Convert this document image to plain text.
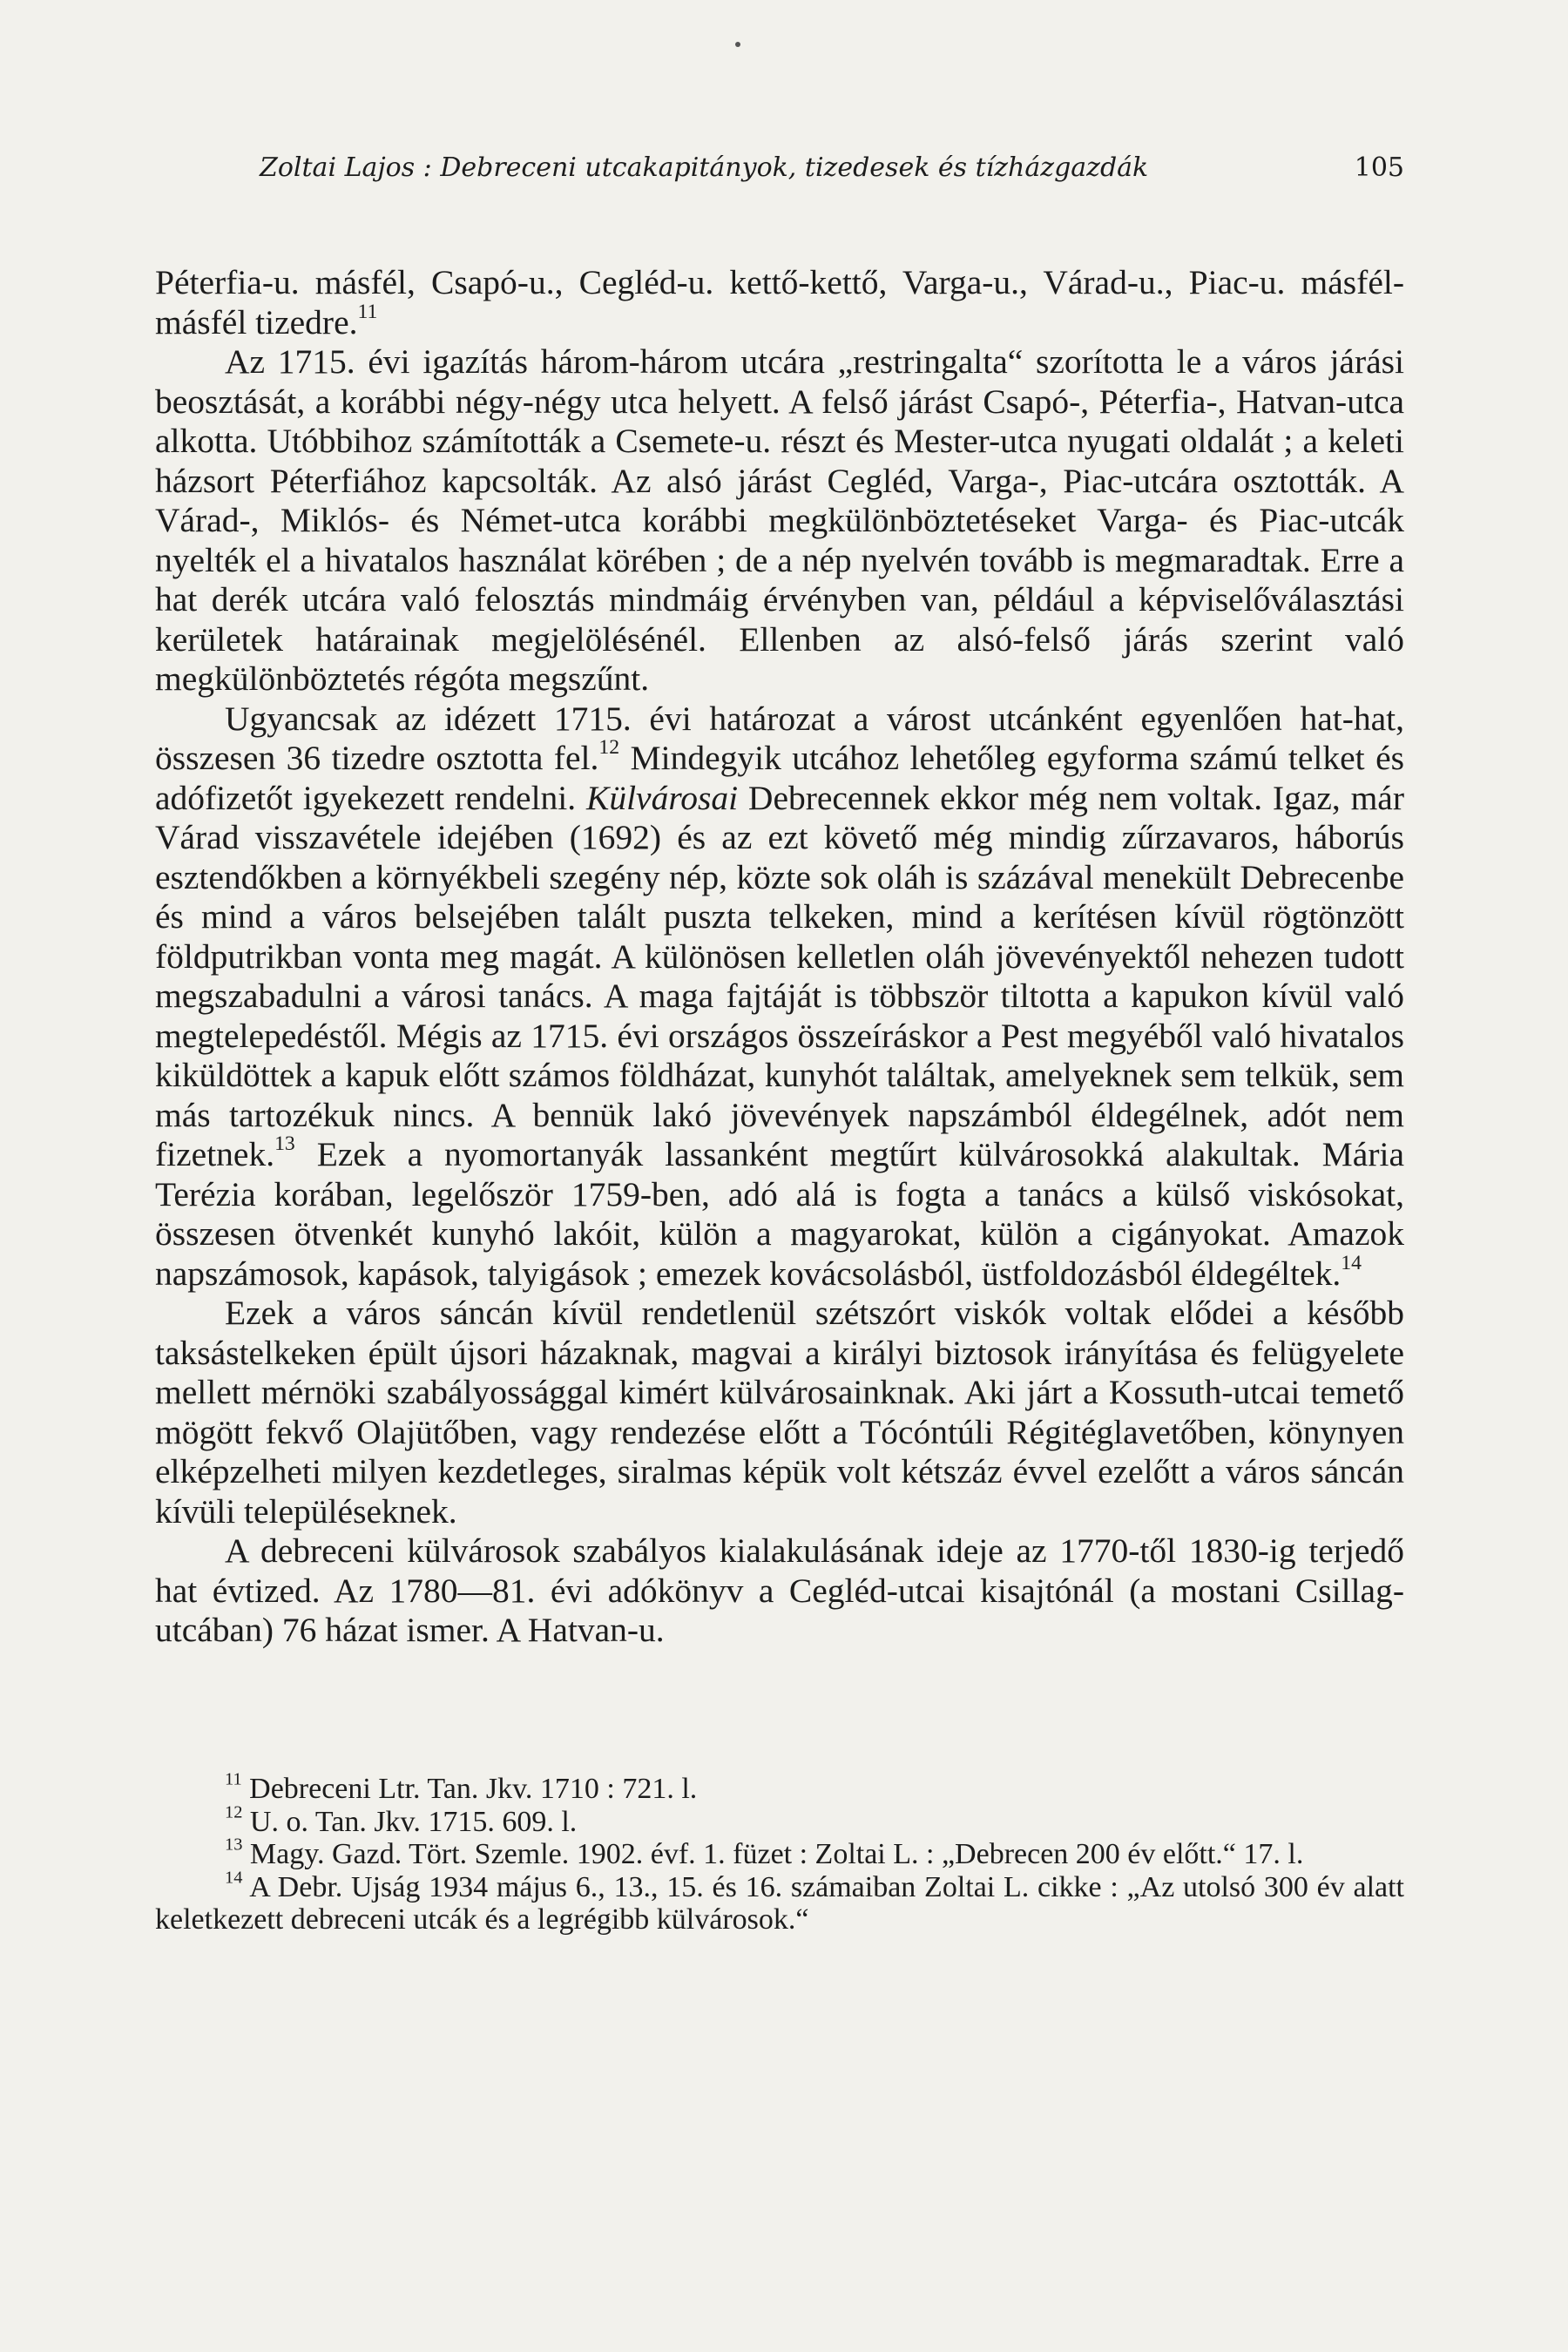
Zoltai Lajos : Debreceni utcakapitányok, tizedesek és tízházgazdák	105

Péterfia-u. másfél, Csapó-u., Cegléd-u. kettő-kettő, Varga-u., Várad-u., Piac-u. másfél-másfél tizedre.$^{11}$

Az 1715. évi igazítás három-három utcára „restringalta“ szorította le a város járási beosztását, a korábbi négy-négy utca helyett. A felső járást Csapó-, Péterfia-, Hatvan-utca alkotta. Utóbbihoz számították a Csemete-u. részt és Mester-utca nyugati oldalát ; a keleti házsort Péterfiához kapcsolták. Az alsó járást Cegléd, Varga-, Piac-utcára osztották. A Várad-, Miklós- és Német-utca korábbi megkülönböztetéseket Varga- és Piac-utcák nyelték el a hivatalos használat körében ; de a nép nyelvén tovább is megmaradtak. Erre a hat derék utcára való felosztás mindmáig érvényben van, például a képviselőválasztási kerületek határainak megjelölésénél. Ellenben az alsó-felső járás szerint való megkülönböztetés régóta megszűnt.

Ugyancsak az idézett 1715. évi határozat a várost utcánként egyenlően hat-hat, összesen 36 tizedre osztotta fel.$^{12}$ Mindegyik utcához lehetőleg egyforma számú telket és adófizetőt igyekezett rendelni. Külvárosai Debrecennek ekkor még nem voltak. Igaz, már Várad visszavétele idejében (1692) és az ezt követő még mindig zűrzavaros, háborús esztendőkben a környékbeli szegény nép, közte sok oláh is százával menekült Debrecenbe és mind a város belsejében talált puszta telkeken, mind a kerítésen kívül rögtönzött földputrikban vonta meg magát. A különösen kelletlen oláh jövevényektől nehezen tudott megszabadulni a városi tanács. A maga fajtáját is többször tiltotta a kapukon kívül való megtelepedéstől. Mégis az 1715. évi országos összeíráskor a Pest megyéből való hivatalos kiküldöttek a kapuk előtt számos földházat, kunyhót találtak, amelyeknek sem telkük, sem más tartozékuk nincs. A bennük lakó jövevények napszámból éldegélnek, adót nem fizetnek.$^{13}$ Ezek a nyomortanyák lassanként megtűrt külvárosokká alakultak. Mária Terézia korában, legelőször 1759-ben, adó alá is fogta a tanács a külső viskósokat, összesen ötvenkét kunyhó lakóit, külön a magyarokat, külön a cigányokat. Amazok napszámosok, kapások, talyigások ; emezek kovácsolásból, üstfoldozásból éldegéltek.$^{14}$

Ezek a város sáncán kívül rendetlenül szétszórt viskók voltak elődei a később taksástelkeken épült újsori házaknak, magvai a királyi biztosok irányítása és felügyelete mellett mérnöki szabályossággal kimért külvárosainknak. Aki járt a Kossuth-utcai temető mögött fekvő Olajütőben, vagy rendezése előtt a Tócóntúli Régitéglavetőben, könynyen elképzelheti milyen kezdetleges, siralmas képük volt kétszáz évvel ezelőtt a város sáncán kívüli településeknek.

A debreceni külvárosok szabályos kialakulásának ideje az 1770-től 1830-ig terjedő hat évtized. Az 1780—81. évi adókönyv a Cegléd-utcai kisajtónál (a mostani Csillag-utcában) 76 házat ismer. A Hatvan-u.

$^{11}$ Debreceni Ltr. Tan. Jkv. 1710 : 721. l.

$^{12}$ U. o. Tan. Jkv. 1715. 609. l.

$^{13}$ Magy. Gazd. Tört. Szemle. 1902. évf. 1. füzet : Zoltai L. : „Debrecen 200 év előtt.“ 17. l.

$^{14}$ A Debr. Ujság 1934 május 6., 13., 15. és 16. számaiban Zoltai L. cikke : „Az utolsó 300 év alatt keletkezett debreceni utcák és a legrégibb külvárosok.“
